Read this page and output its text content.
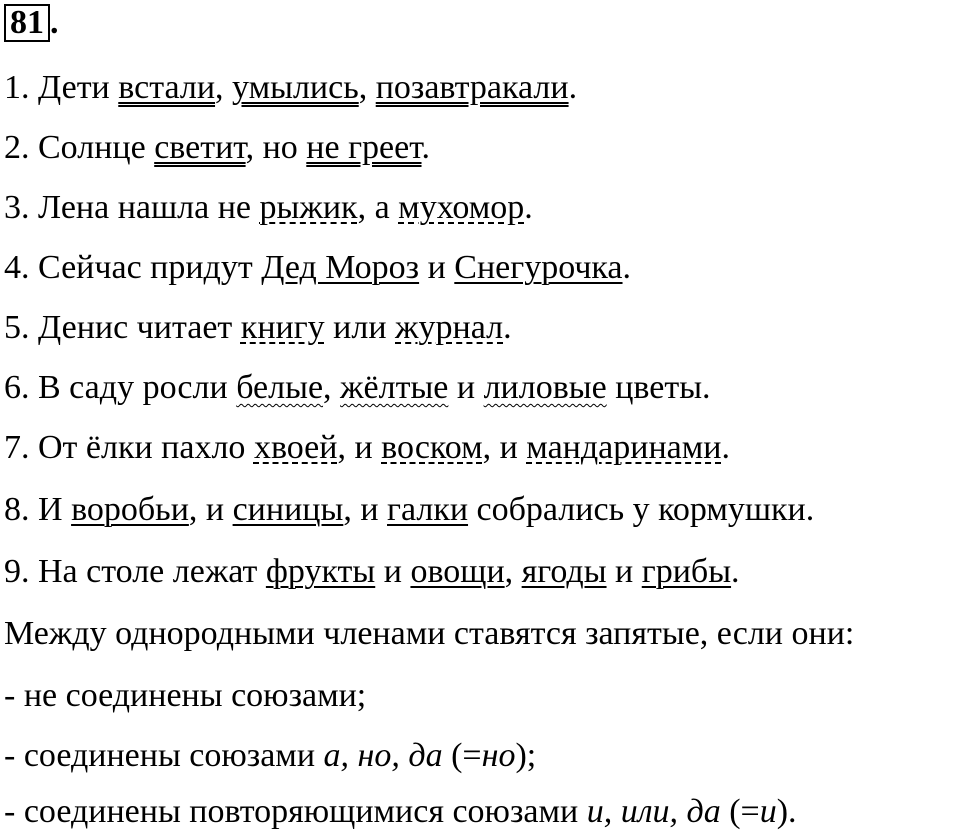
81 .
1. Дети встали, умылись, позавтракали.
2. Солнце светит, но не греет.
3. Лена нашла не рыжик, а мухомор.
4. Сейчас придут Дед Мороз и Снегурочка.
5. Денис читает книгу или журнал.
6. В саду росли белые, жёлтые и лиловые цветы.
7. От ёлки пахло хвоей, и воском, и мандаринами.
8. И воробьи, и синицы, и галки собрались у кормушки.
9. На столе лежат фрукты и овощи, ягоды и грибы.
Между однородными членами ставятся запятые, если они:
- не соединены союзами;
- соединены союзами а, но, да (=но);
- соединены повторяющимися союзами и, или, да (=и).
